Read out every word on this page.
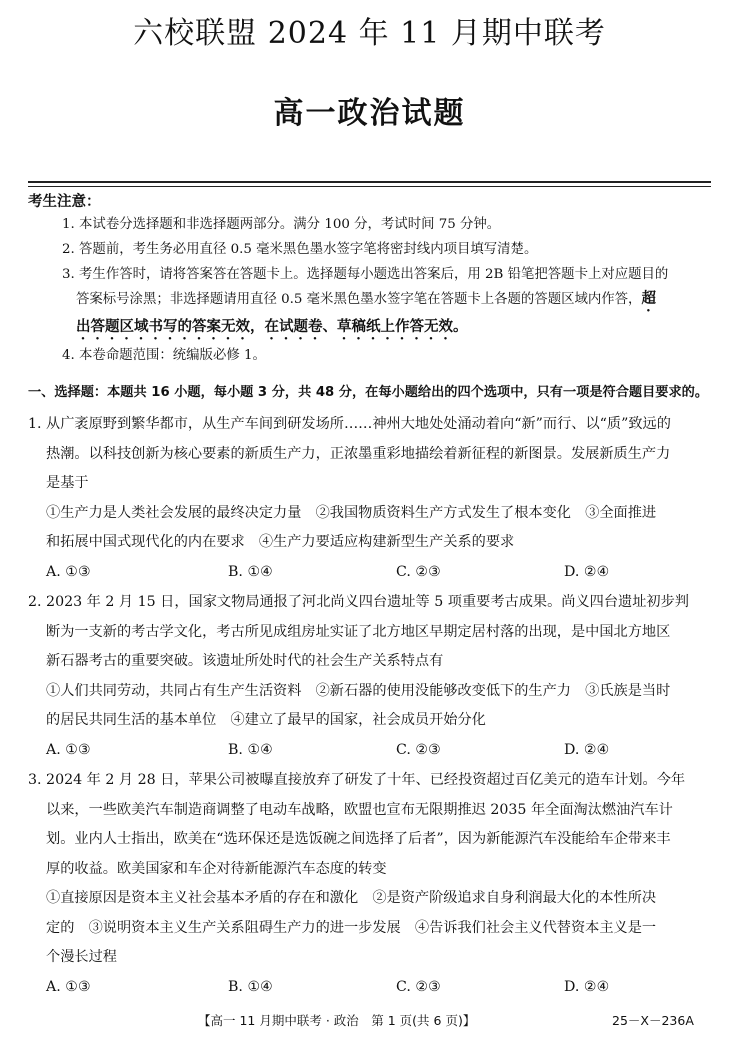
六校联盟 2024 年 11 月期中联考
高一政治试题
考生注意：
1. 本试卷分选择题和非选择题两部分。满分 100 分，考试时间 75 分钟。
2. 答题前，考生务必用直径 0.5 毫米黑色墨水签字笔将密封线内项目填写清楚。
3. 考生作答时，请将答案答在答题卡上。选择题每小题选出答案后，用 2B 铅笔把答题卡上对应题目的
答案标号涂黑；非选择题请用直径 0.5 毫米黑色墨水签字笔在答题卡上各题的答题区域内作答，超
出答题区域书写的答案无效，在试题卷、草稿纸上作答无效。
4. 本卷命题范围：统编版必修 1。
一、选择题：本题共 16 小题，每小题 3 分，共 48 分，在每小题给出的四个选项中，只有一项是符合题目要求的。
1. 从广袤原野到繁华都市，从生产车间到研发场所……神州大地处处涌动着向“新”而行、以“质”致远的
热潮。以科技创新为核心要素的新质生产力，正浓墨重彩地描绘着新征程的新图景。发展新质生产力
是基于
①生产力是人类社会发展的最终决定力量　②我国物质资料生产方式发生了根本变化　③全面推进
和拓展中国式现代化的内在要求　④生产力要适应构建新型生产关系的要求
A. ①③	B. ①④	C. ②③	D. ②④
2. 2023 年 2 月 15 日，国家文物局通报了河北尚义四台遗址等 5 项重要考古成果。尚义四台遗址初步判
断为一支新的考古学文化，考古所见成组房址实证了北方地区早期定居村落的出现，是中国北方地区
新石器考古的重要突破。该遗址所处时代的社会生产关系特点有
①人们共同劳动，共同占有生产生活资料　②新石器的使用没能够改变低下的生产力　③氏族是当时
的居民共同生活的基本单位　④建立了最早的国家，社会成员开始分化
A. ①③	B. ①④	C. ②③	D. ②④
3. 2024 年 2 月 28 日，苹果公司被曝直接放弃了研发了十年、已经投资超过百亿美元的造车计划。今年
以来，一些欧美汽车制造商调整了电动车战略，欧盟也宣布无限期推迟 2035 年全面淘汰燃油汽车计
划。业内人士指出，欧美在“选环保还是选饭碗之间选择了后者”，因为新能源汽车没能给车企带来丰
厚的收益。欧美国家和车企对待新能源汽车态度的转变
①直接原因是资本主义社会基本矛盾的存在和激化　②是资产阶级追求自身利润最大化的本性所决
定的　③说明资本主义生产关系阻碍生产力的进一步发展　④告诉我们社会主义代替资本主义是一
个漫长过程
A. ①③	B. ①④	C. ②③	D. ②④
【高一 11 月期中联考 · 政治　第 1 页(共 6 页)】	25－X－236A
